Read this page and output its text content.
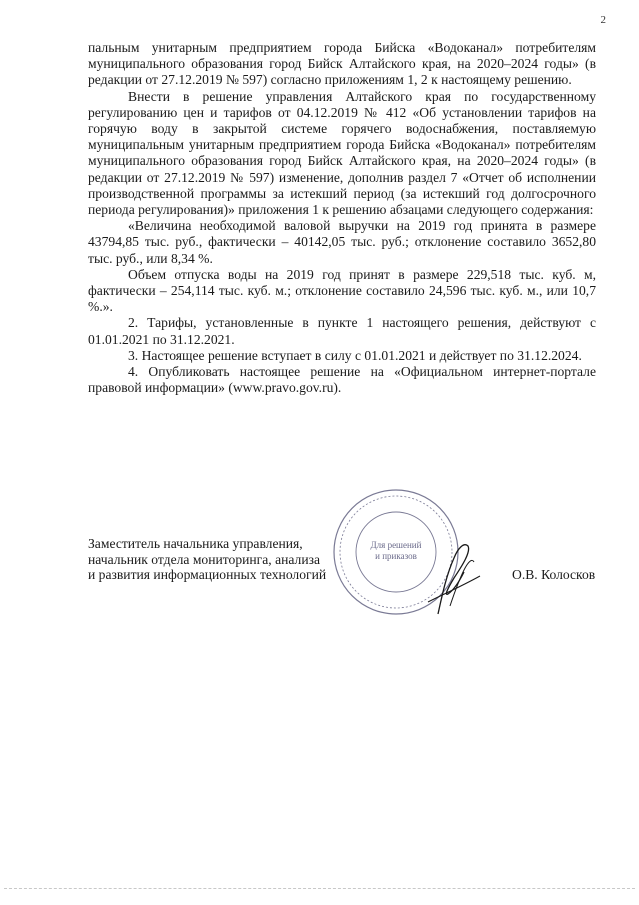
2

пальным унитарным предприятием города Бийска «Водоканал» потребителям муниципального образования город Бийск Алтайского края, на 2020–2024 годы» (в редакции от 27.12.2019 № 597) согласно приложениям 1, 2 к настоящему решению.

Внести в решение управления Алтайского края по государственному регулированию цен и тарифов от 04.12.2019 № 412 «Об установлении тарифов на горячую воду в закрытой системе горячего водоснабжения, поставляемую муниципальным унитарным предприятием города Бийска «Водоканал» потребителям муниципального образования город Бийск Алтайского края, на 2020–2024 годы» (в редакции от 27.12.2019 № 597) изменение, дополнив раздел 7 «Отчет об исполнении производственной программы за истекший период (за истекший год долгосрочного периода регулирования)» приложения 1 к решению абзацами следующего содержания:

«Величина необходимой валовой выручки на 2019 год принята в размере 43794,85 тыс. руб., фактически – 40142,05 тыс. руб.; отклонение составило 3652,80 тыс. руб., или 8,34 %.

Объем отпуска воды на 2019 год принят в размере 229,518 тыс. куб. м, фактически – 254,114 тыс. куб. м.; отклонение составило 24,596 тыс. куб. м., или 10,7 %.».

2. Тарифы, установленные в пункте 1 настоящего решения, действуют с 01.01.2021 по 31.12.2021.

3. Настоящее решение вступает в силу с 01.01.2021 и действует по 31.12.2024.

4. Опубликовать настоящее решение на «Официальном интернет-портале правовой информации» (www.pravo.gov.ru).

Для решений
и приказов
Заместитель начальника управления,
начальник отдела мониторинга, анализа
и развития информационных технологий	О.В. Колосков
